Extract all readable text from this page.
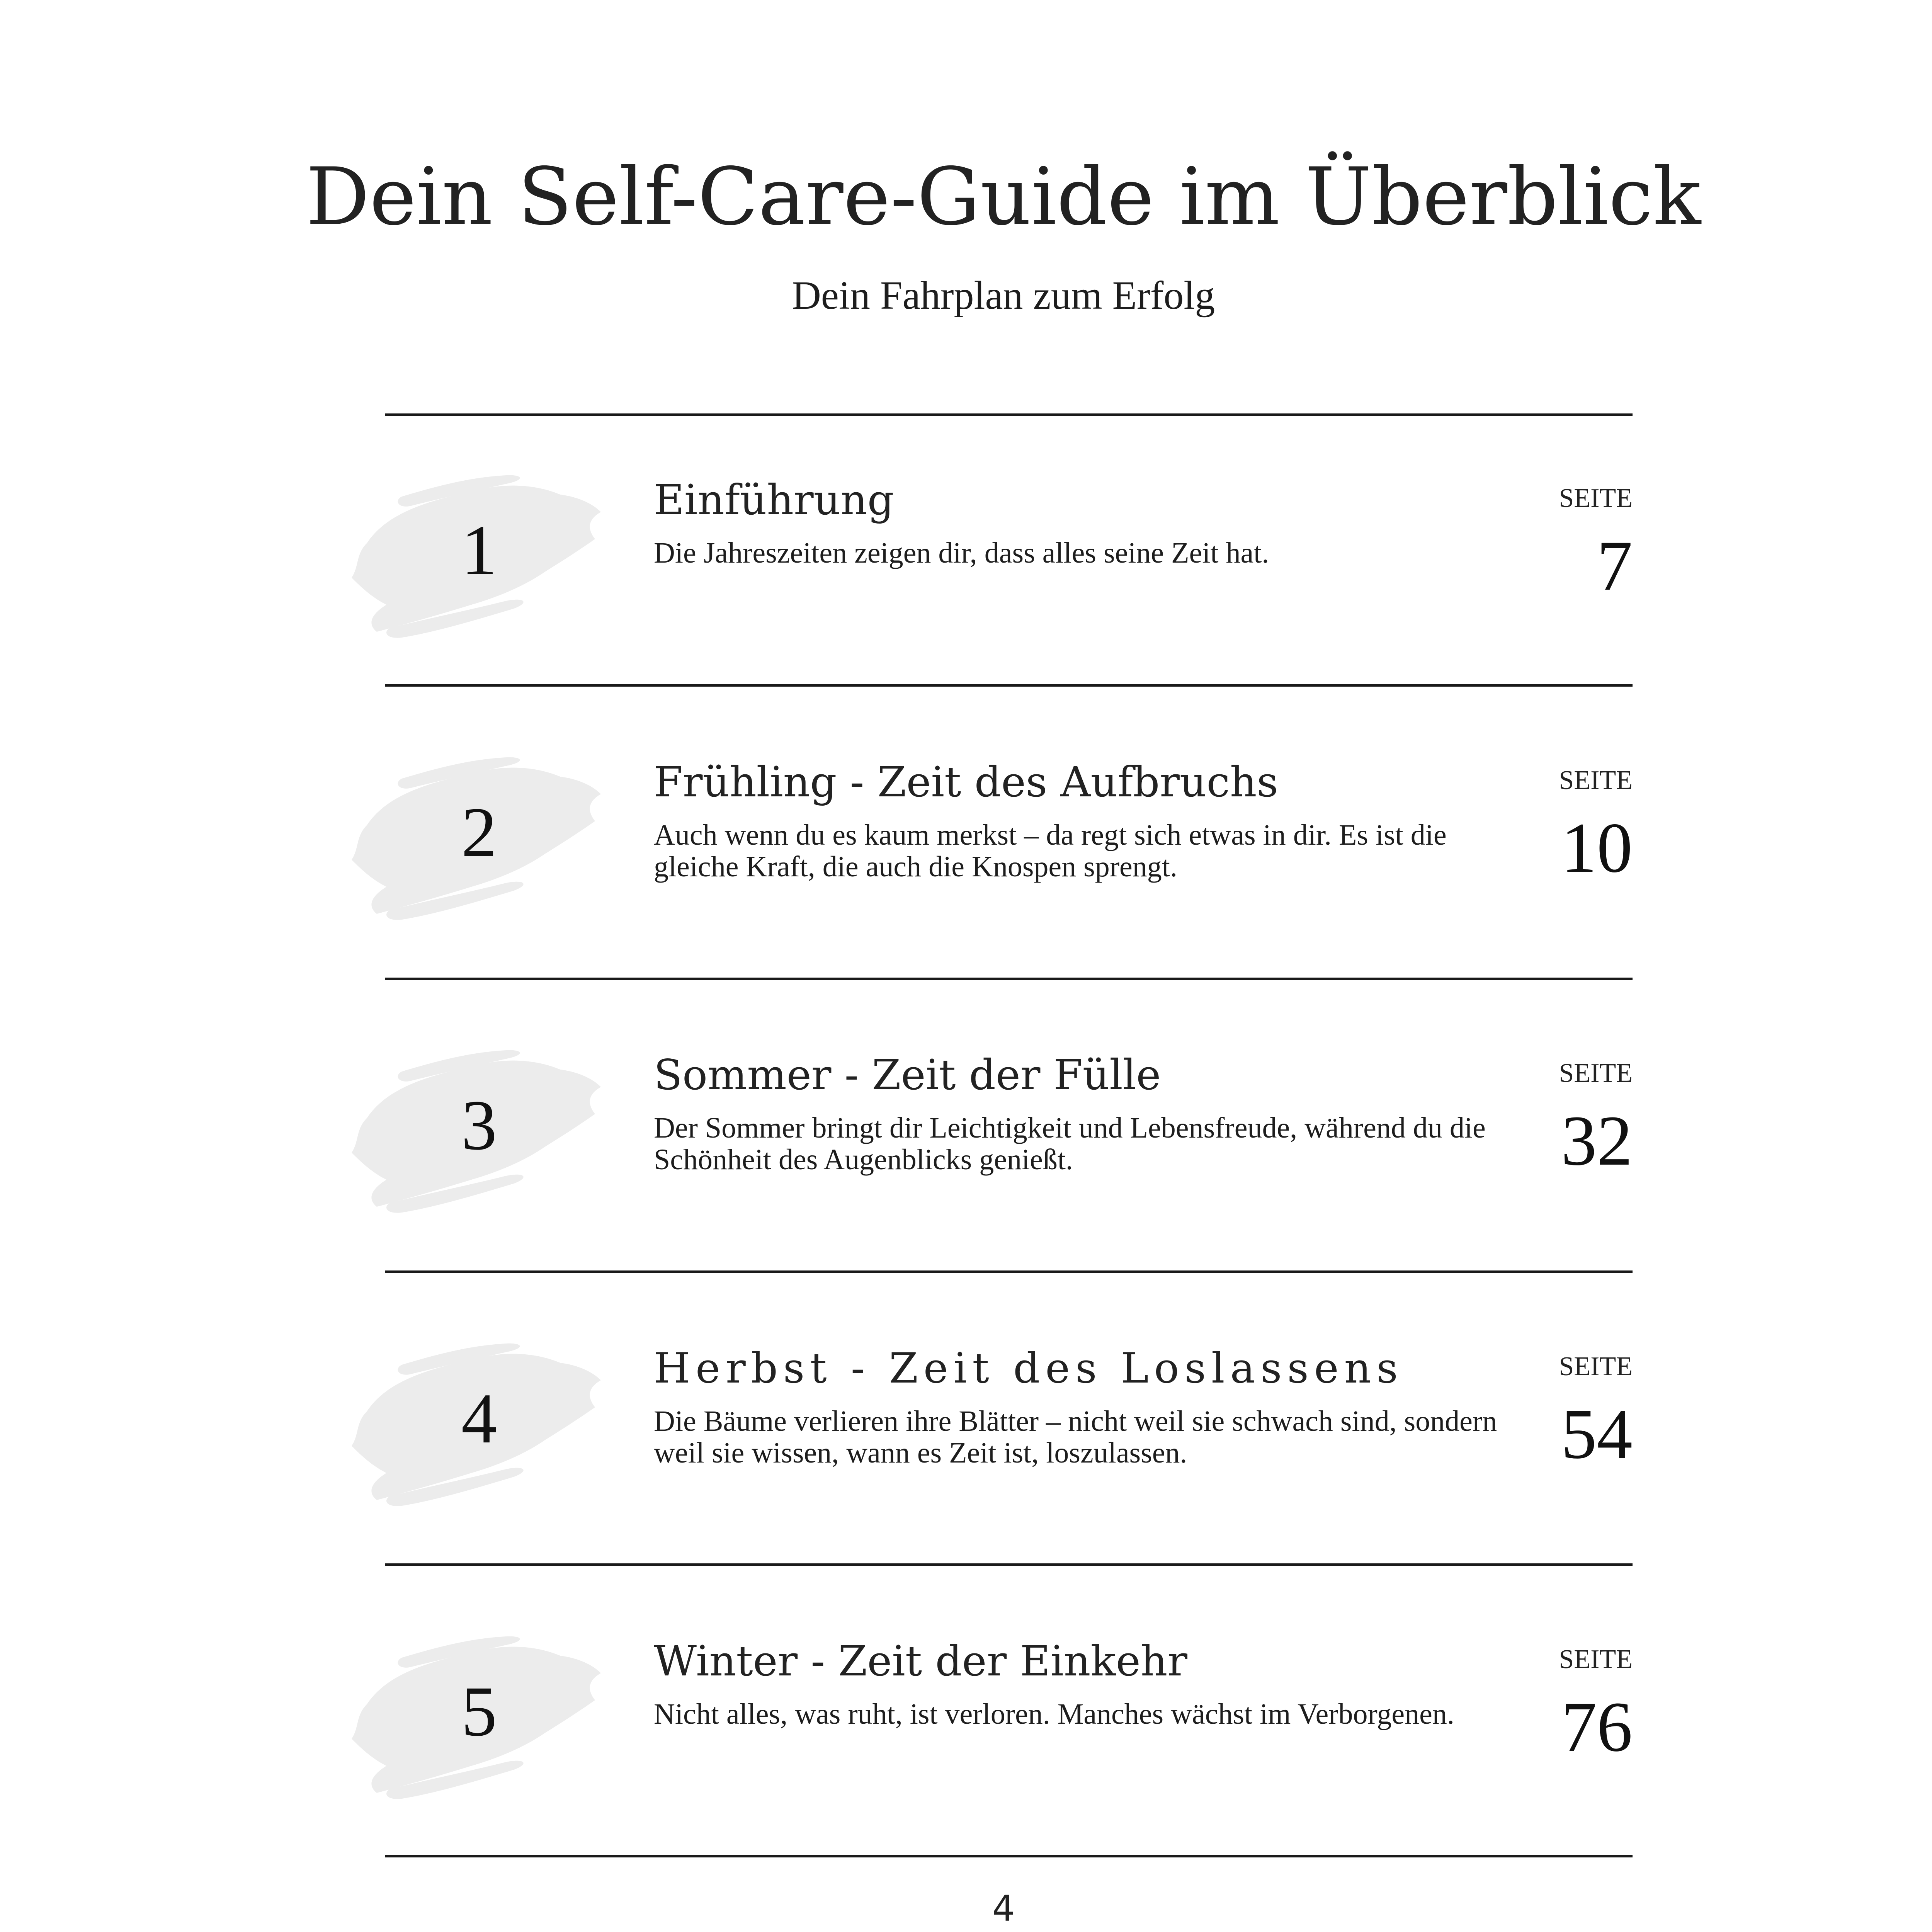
Dein Self-Care-Guide im Überblick
Dein Fahrplan zum Erfolg
1
Einführung
Die Jahreszeiten zeigen dir, dass alles seine Zeit hat.
SEITE
7
2
Frühling - Zeit des Aufbruchs
Auch wenn du es kaum merkst – da regt sich etwas in dir. Es ist die gleiche Kraft, die auch die Knospen sprengt.
SEITE
10
3
Sommer - Zeit der Fülle
Der Sommer bringt dir Leichtigkeit und Lebensfreude, während du die Schönheit des Augenblicks genießt.
SEITE
32
4
Herbst - Zeit des Loslassens
Die Bäume verlieren ihre Blätter – nicht weil sie schwach sind, sondern weil sie wissen, wann es Zeit ist, loszulassen.
SEITE
54
5
Winter - Zeit der Einkehr
Nicht alles, was ruht, ist verloren. Manches wächst im Verborgenen.
SEITE
76
4
